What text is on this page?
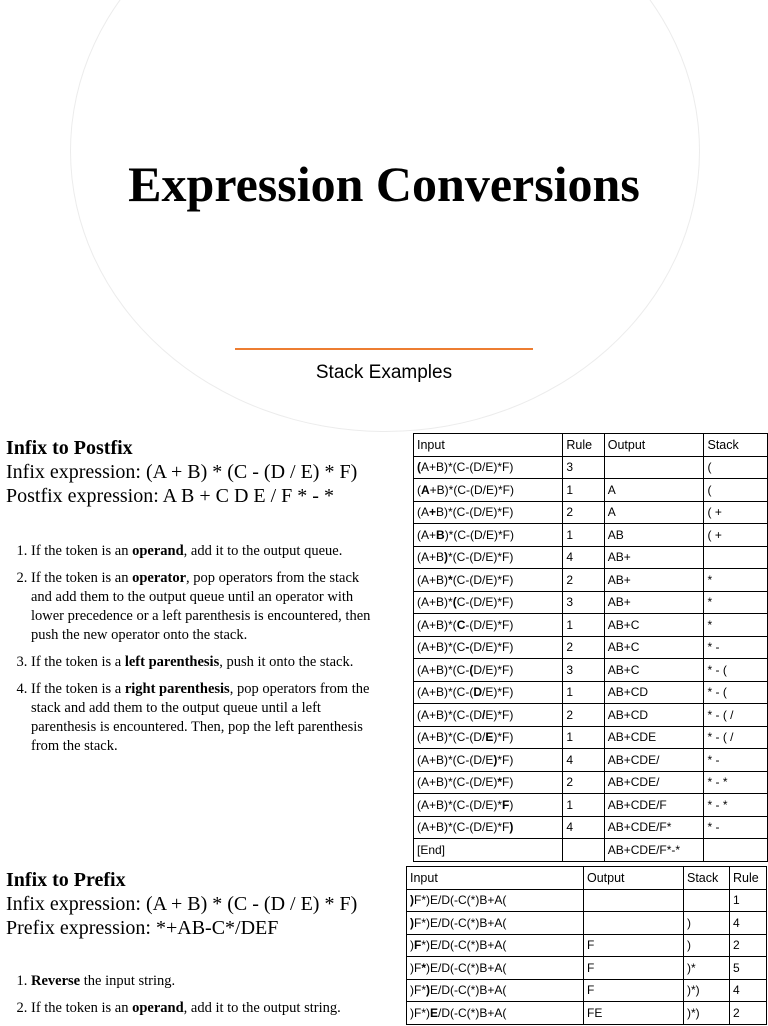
Expression Conversions
Stack Examples
Infix to Postfix
Infix expression: (A + B) * (C - (D / E) * F)
Postfix expression: A B + C D E / F * - *
1. If the token is an operand, add it to the output queue.
2. If the token is an operator, pop operators from the stack and add them to the output queue until an operator with lower precedence or a left parenthesis is encountered, then push the new operator onto the stack.
3. If the token is a left parenthesis, push it onto the stack.
4. If the token is a right parenthesis, pop operators from the stack and add them to the output queue until a left parenthesis is encountered. Then, pop the left parenthesis from the stack.
Input	Rule	Output	Stack
(A+B)*(C-(D/E)*F)	3		(
(A+B)*(C-(D/E)*F)	1	A	(
(A+B)*(C-(D/E)*F)	2	A	( +
(A+B)*(C-(D/E)*F)	1	AB	( +
(A+B)*(C-(D/E)*F)	4	AB+	
(A+B)*(C-(D/E)*F)	2	AB+	*
(A+B)*(C-(D/E)*F)	3	AB+	*
(A+B)*(C-(D/E)*F)	1	AB+C	*
(A+B)*(C-(D/E)*F)	2	AB+C	* -
(A+B)*(C-(D/E)*F)	3	AB+C	* - (
(A+B)*(C-(D/E)*F)	1	AB+CD	* - (
(A+B)*(C-(D/E)*F)	2	AB+CD	* - ( /
(A+B)*(C-(D/E)*F)	1	AB+CDE	* - ( /
(A+B)*(C-(D/E)*F)	4	AB+CDE/	* -
(A+B)*(C-(D/E)*F)	2	AB+CDE/	* - *
(A+B)*(C-(D/E)*F)	1	AB+CDE/F	* - *
(A+B)*(C-(D/E)*F)	4	AB+CDE/F*	* -
[End]		AB+CDE/F*-*	
Infix to Prefix
Infix expression: (A + B) * (C - (D / E) * F)
Prefix expression: *+AB-C*/DEF
1. Reverse the input string.
2. If the token is an operand, add it to the output string.
Input	Output	Stack	Rule
)F*)E/D(-C(*)B+A(			1
)F*)E/D(-C(*)B+A(		)	4
)F*)E/D(-C(*)B+A(	F	)	2
)F*)E/D(-C(*)B+A(	F	)*	5
)F*)E/D(-C(*)B+A(	F	)*)	4
)F*)E/D(-C(*)B+A(	FE	)*)	2
